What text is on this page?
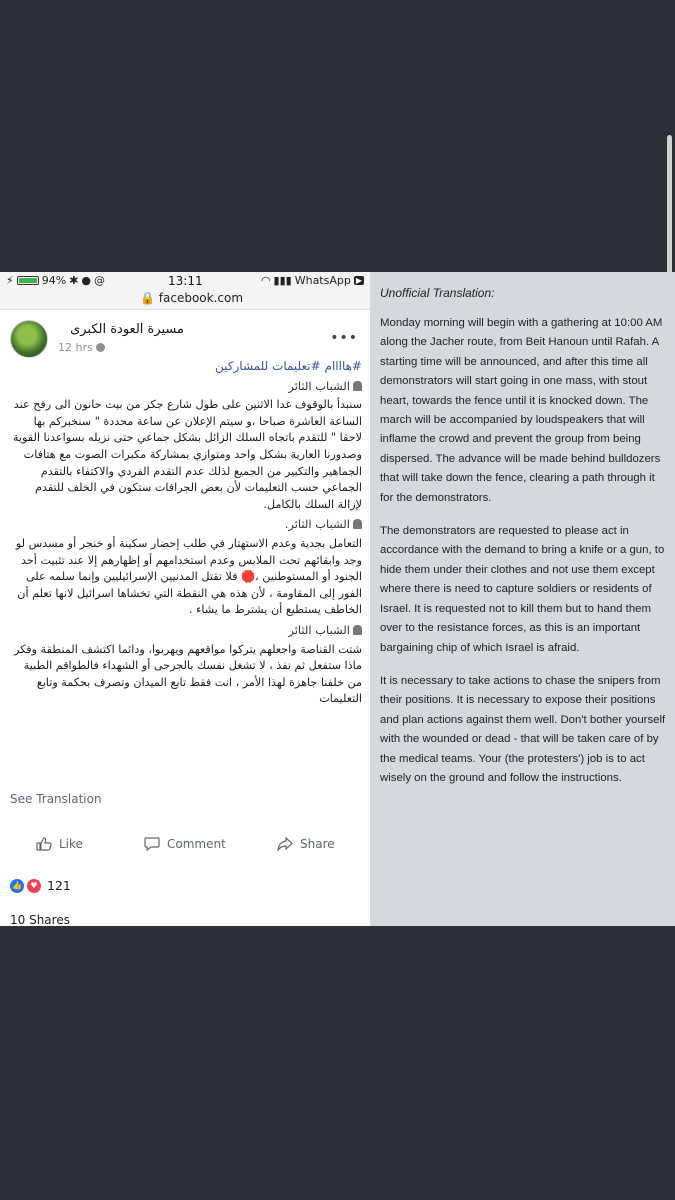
⚡	94% ✱ ● @	13:11	◠ ▮▮▮ WhatsApp ▶
🔒 facebook.com
مسيرة العودة الكبرى
12 hrs
•••

#هاااام #تعليمات للمشاركين

الشباب الثائر

سنبدأ بالوقوف غدا الاثنين على طول شارع جكر من بيت حانون الى رفح عند الساعة العاشرة صباحا ،و سيتم الإعلان عن ساعة محددة " سنخبركم بها لاحقا " للتقدم باتجاه السلك الزائل بشكل جماعي حتى نزيله بسواعدنا القوية وصدورنا العارية بشكل واحد ومتوازي بمشاركة مكبرات الصوت مع هتافات الجماهير والتكبير من الجميع لذلك عدم التقدم الفردي والاكتفاء بالتقدم الجماعي حسب التعليمات لأن بعض الجرافات ستكون في الخلف للتقدم لإزالة السلك بالكامل.

الشباب الثائر.

التعامل بجدية وعدم الاستهتار في طلب إحضار سكينة أو خنجر أو مسدس لو وجد وابقائهم تحت الملابس وعدم استخدامهم أو إظهارهم إلا عند تثبيت أحد الجنود أو المستوطنين ،🛑 فلا تقتل المدنيين الإسرائيليين وإنما سلمه على الفور إلى المقاومة ، لأن هذه هي النقطة التي تخشاها اسرائيل لانها تعلم أن الخاطف يستطيع أن يشترط ما يشاء .

الشباب الثائر

شتت القناصة واجعلهم يتركوا مواقعهم ويهربوا، ودائما اكتشف المنطقة وفكر ماذا ستفعل ثم نفذ ، لا تشغل نفسك بالجرحى أو الشهداء فالطواقم الطبية من خلفنا جاهزة لهذا الأمر ، انت فقط تابع الميدان وتصرف بحكمة وتابع التعليمات

See Translation
Like	Comment	Share
👍	♥ 121
10 Shares
Unofficial Translation:

Monday morning will begin with a gathering at 10:00 AM along the Jacher route, from Beit Hanoun until Rafah. A starting time will be announced, and after this time all demonstrators will start going in one mass, with stout heart, towards the fence until it is knocked down. The march will be accompanied by loudspeakers that will inflame the crowd and prevent the group from being dispersed. The advance will be made behind bulldozers that will take down the fence, clearing a path through it for the demonstrators.

The demonstrators are requested to please act in accordance with the demand to bring a knife or a gun, to hide them under their clothes and not use them except where there is need to capture soldiers or residents of Israel. It is requested not to kill them but to hand them over to the resistance forces, as this is an important bargaining chip of which Israel is afraid.

It is necessary to take actions to chase the snipers from their positions. It is necessary to expose their positions and plan actions against them well. Don't bother yourself with the wounded or dead - that will be taken care of by the medical teams. Your (the protesters') job is to act wisely on the ground and follow the instructions.
